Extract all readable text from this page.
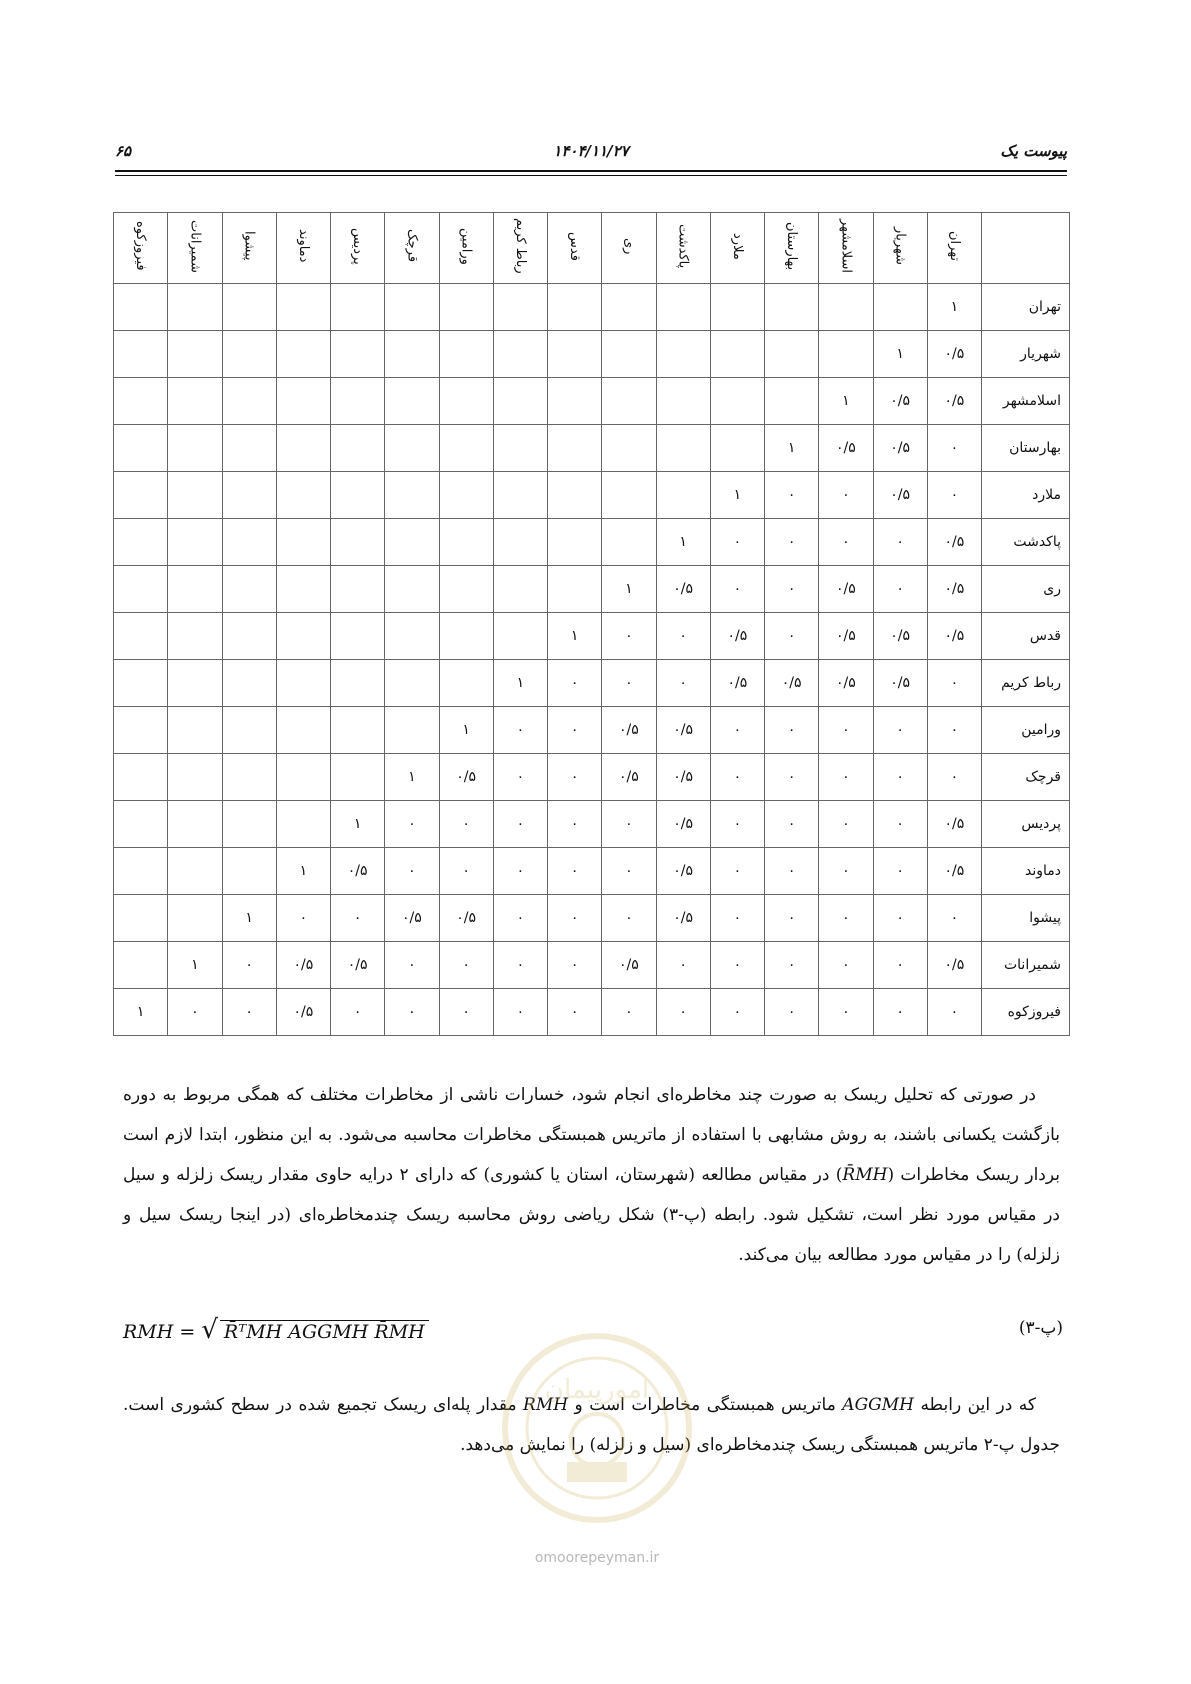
پیوست یک
۱۴۰۴/۱۱/۲۷
۶۵
	تهران	شهریار	اسلامشهر	بهارستان	ملارد	پاکدشت	ری	قدس	رباط کریم	ورامین	قرچک	پردیس	دماوند	پیشوا	شمیرانات	فیروزکوه
تهران	۱															
شهریار	۰/۵	۱														
اسلامشهر	۰/۵	۰/۵	۱													
بهارستان	۰	۰/۵	۰/۵	۱												
ملارد	۰	۰/۵	۰	۰	۱											
پاکدشت	۰/۵	۰	۰	۰	۰	۱										
ری	۰/۵	۰	۰/۵	۰	۰	۰/۵	۱									
قدس	۰/۵	۰/۵	۰/۵	۰	۰/۵	۰	۰	۱								
رباط کریم	۰	۰/۵	۰/۵	۰/۵	۰/۵	۰	۰	۰	۱							
ورامین	۰	۰	۰	۰	۰	۰/۵	۰/۵	۰	۰	۱						
قرچک	۰	۰	۰	۰	۰	۰/۵	۰/۵	۰	۰	۰/۵	۱					
پردیس	۰/۵	۰	۰	۰	۰	۰/۵	۰	۰	۰	۰	۰	۱				
دماوند	۰/۵	۰	۰	۰	۰	۰/۵	۰	۰	۰	۰	۰	۰/۵	۱			
پیشوا	۰	۰	۰	۰	۰	۰/۵	۰	۰	۰	۰/۵	۰/۵	۰	۰	۱		
شمیرانات	۰/۵	۰	۰	۰	۰	۰	۰/۵	۰	۰	۰	۰	۰/۵	۰/۵	۰	۱	
فیروزکوه	۰	۰	۰	۰	۰	۰	۰	۰	۰	۰	۰	۰	۰/۵	۰	۰	۱
در صورتی که تحلیل ریسک به صورت چند مخاطره‌ای انجام شود، خسارات ناشی از مخاطرات مختلف که همگی مربوط به دوره بازگشت یکسانی باشند، به روش مشابهی با استفاده از ماتریس همبستگی مخاطرات محاسبه می‌شود. به این منظور، ابتدا لازم است بردار ریسک مخاطرات (R̄MH) در مقیاس مطالعه (شهرستان، استان یا کشوری) که دارای ۲ درایه حاوی مقدار ریسک زلزله و سیل در مقیاس مورد نظر است، تشکیل شود. رابطه (پ-۳) شکل ریاضی روش محاسبه ریسک چندمخاطره‌ای (در اینجا ریسک سیل و زلزله) را در مقیاس مورد مطالعه بیان می‌کند.
RMH = √ R̄ᵀMH AGGMH R̄MH	(پ-۳)
که در این رابطه AGGMH ماتریس همبستگی مخاطرات است و RMH مقدار پله‌ای ریسک تجمیع شده در سطح کشوری است. جدول پ-۲ ماتریس همبستگی ریسک چندمخاطره‌ای (سیل و زلزله) را نمایش می‌دهد.
امورپیمان
omoorepeyman.ir
